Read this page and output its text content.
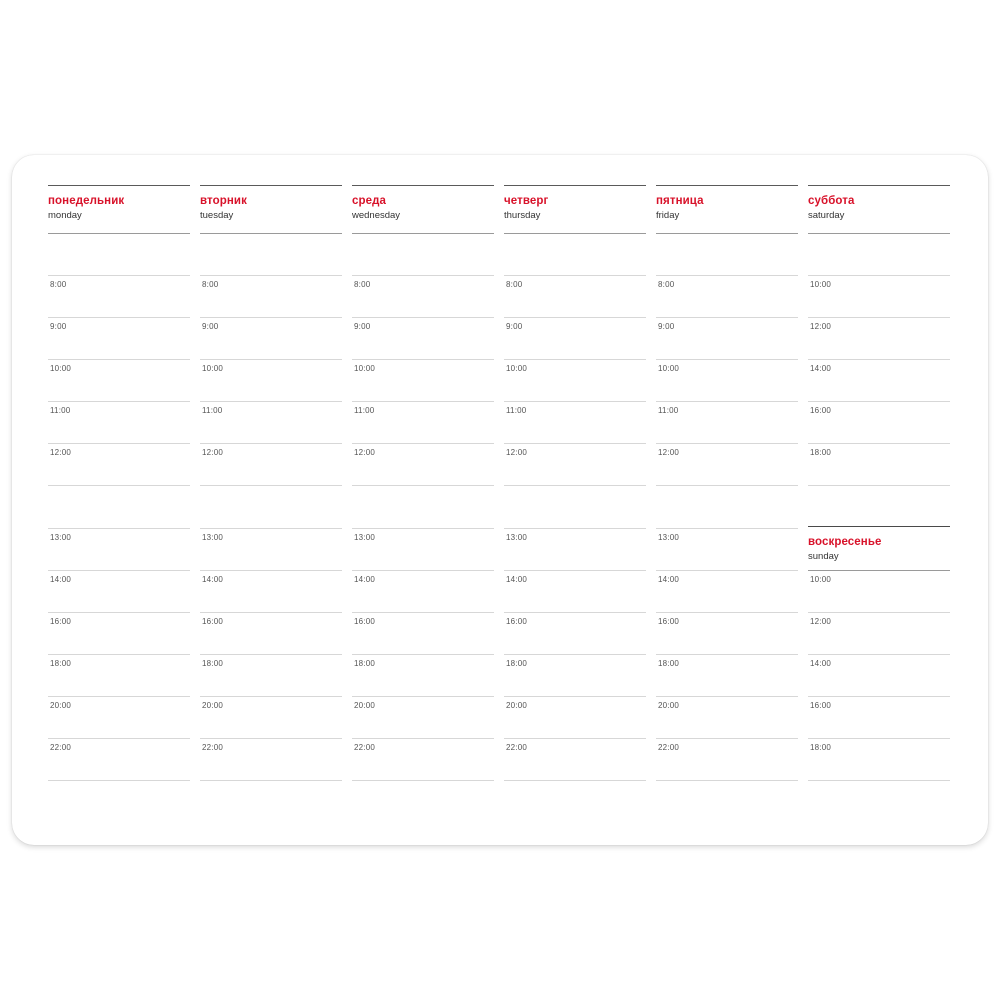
понедельник
monday
8:00
9:00
10:00
11:00
12:00
13:00
14:00
16:00
18:00
20:00
22:00
вторник
tuesday
8:00
9:00
10:00
11:00
12:00
13:00
14:00
16:00
18:00
20:00
22:00
среда
wednesday
8:00
9:00
10:00
11:00
12:00
13:00
14:00
16:00
18:00
20:00
22:00
четверг
thursday
8:00
9:00
10:00
11:00
12:00
13:00
14:00
16:00
18:00
20:00
22:00
пятница
friday
8:00
9:00
10:00
11:00
12:00
13:00
14:00
16:00
18:00
20:00
22:00
суббота
saturday
10:00
12:00
14:00
16:00
18:00
воскресенье
sunday
10:00
12:00
14:00
16:00
18:00
